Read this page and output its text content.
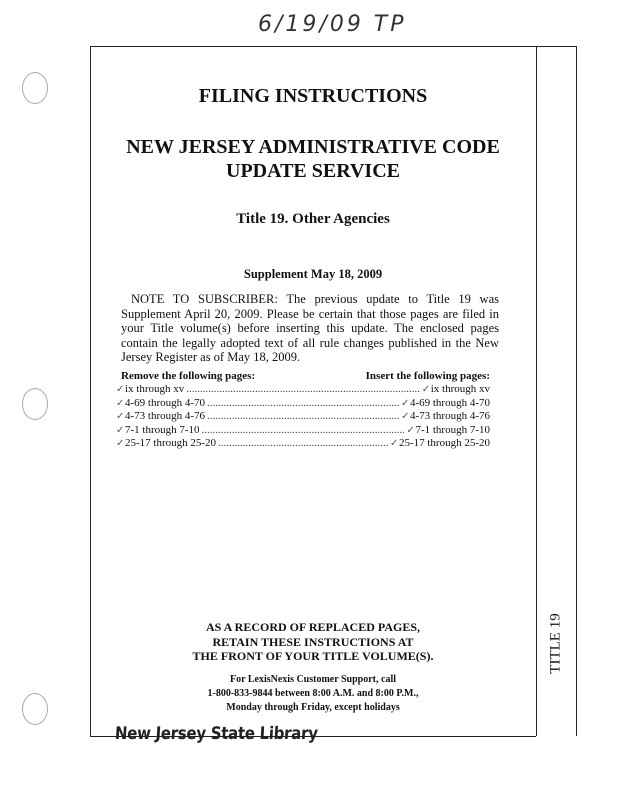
6/19/09 TP
FILING INSTRUCTIONS
NEW JERSEY ADMINISTRATIVE CODE
UPDATE SERVICE
Title 19. Other Agencies
Supplement May 18, 2009
NOTE TO SUBSCRIBER: The previous update to Title 19 was Supplement April 20, 2009. Please be certain that those pages are filed in your Title volume(s) before inserting this update. The enclosed pages contain the legally adopted text of all rule changes published in the New Jersey Register as of May 18, 2009.
Remove the following pages:	Insert the following pages:
✓ ix through xv .....	✓ ix through xv
✓ 4-69 through 4-70 .....	✓ 4-69 through 4-70
✓ 4-73 through 4-76 .....	✓ 4-73 through 4-76
✓ 7-1 through 7-10 .....	✓ 7-1 through 7-10
✓ 25-17 through 25-20 .....	✓ 25-17 through 25-20
AS A RECORD OF REPLACED PAGES,
RETAIN THESE INSTRUCTIONS AT
THE FRONT OF YOUR TITLE VOLUME(S).
For LexisNexis Customer Support, call
1-800-833-9844 between 8:00 A.M. and 8:00 P.M.,
Monday through Friday, except holidays
TITLE 19
New Jersey State Library
